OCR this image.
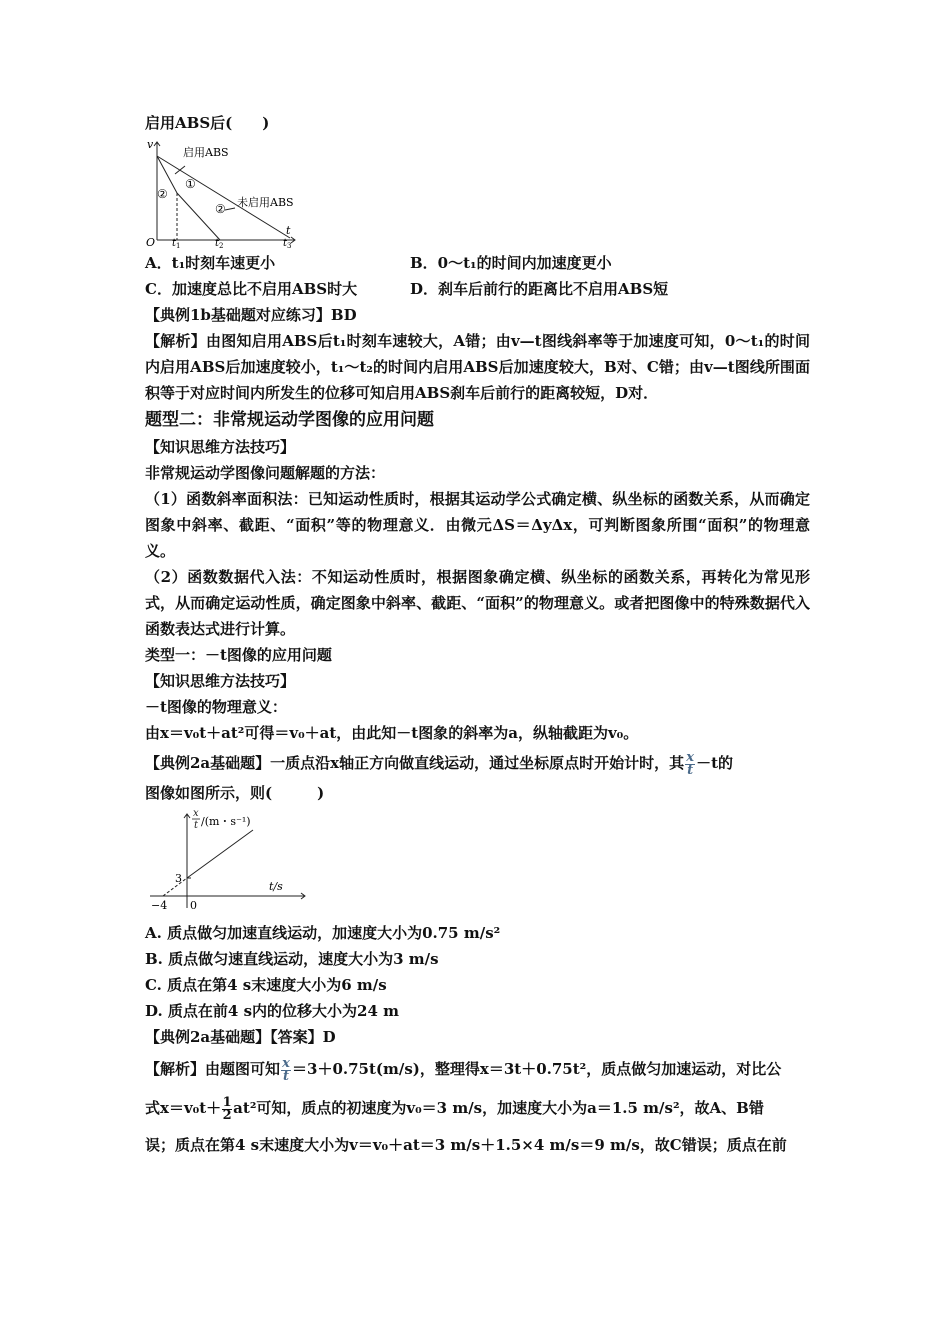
启用ABS后(　　)
v
t
O t 1	t 2	t 3
启用ABS
未启用ABS
①
②
②
A．t₁时刻车速更小	B．0～t₁的时间内加速度更小
C．加速度总比不启用ABS时大	D．刹车后前行的距离比不启用ABS短
【典例1b基础题对应练习】BD
【解析】由图知启用ABS后t₁时刻车速较大，A错；由v—t图线斜率等于加速度可知，0～t₁的时间内启用ABS后加速度较小，t₁～t₂的时间内启用ABS后加速度较大，B对、C错；由v—t图线所围面积等于对应时间内所发生的位移可知启用ABS刹车后前行的距离较短，D对．
题型二：非常规运动学图像的应用问题
【知识思维方法技巧】
非常规运动学图像问题解题的方法：
（1）函数斜率面积法：已知运动性质时，根据其运动学公式确定横、纵坐标的函数关系，从而确定图象中斜率、截距、“面积”等的物理意义．由微元ΔS＝ΔyΔx，可判断图象所围“面积”的物理意义。
（2）函数数据代入法：不知运动性质时，根据图象确定横、纵坐标的函数关系，再转化为常见形式，从而确定运动性质，确定图象中斜率、截距、“面积”的物理意义。或者把图像中的特殊数据代入函数表达式进行计算。
类型一：－t图像的应用问题
【知识思维方法技巧】
－t图像的物理意义：
由x＝v₀t＋at²可得＝v₀＋at，由此知－t图象的斜率为a，纵轴截距为v₀。
【典例2a基础题】一质点沿x轴正方向做直线运动，通过坐标原点时开始计时，其 $\frac{x}{t} -t$的
图像如图所示，则(　　　)
x
t /(m・s⁻¹)
t/s
3
−4 0
A. 质点做匀加速直线运动，加速度大小为0.75 m/s²
B. 质点做匀速直线运动，速度大小为3 m/s
C. 质点在第4 s末速度大小为6 m/s
D. 质点在前4 s内的位移大小为24 m
【典例2a基础题】【答案】D
【解析】由题图可知 $\frac{x}{t} =3+0.75t(m/s)$，整理得x＝3t＋0.75t²，质点做匀加速运动，对比公
式$x=v_0t+ \frac{1}{2} at^2$可知，质点的初速度为v₀＝3 m/s，加速度大小为a＝1.5 m/s²，故A、B错
误；质点在第4 s末速度大小为v＝v₀＋at＝3 m/s＋1.5×4 m/s＝9 m/s，故C错误；质点在前
